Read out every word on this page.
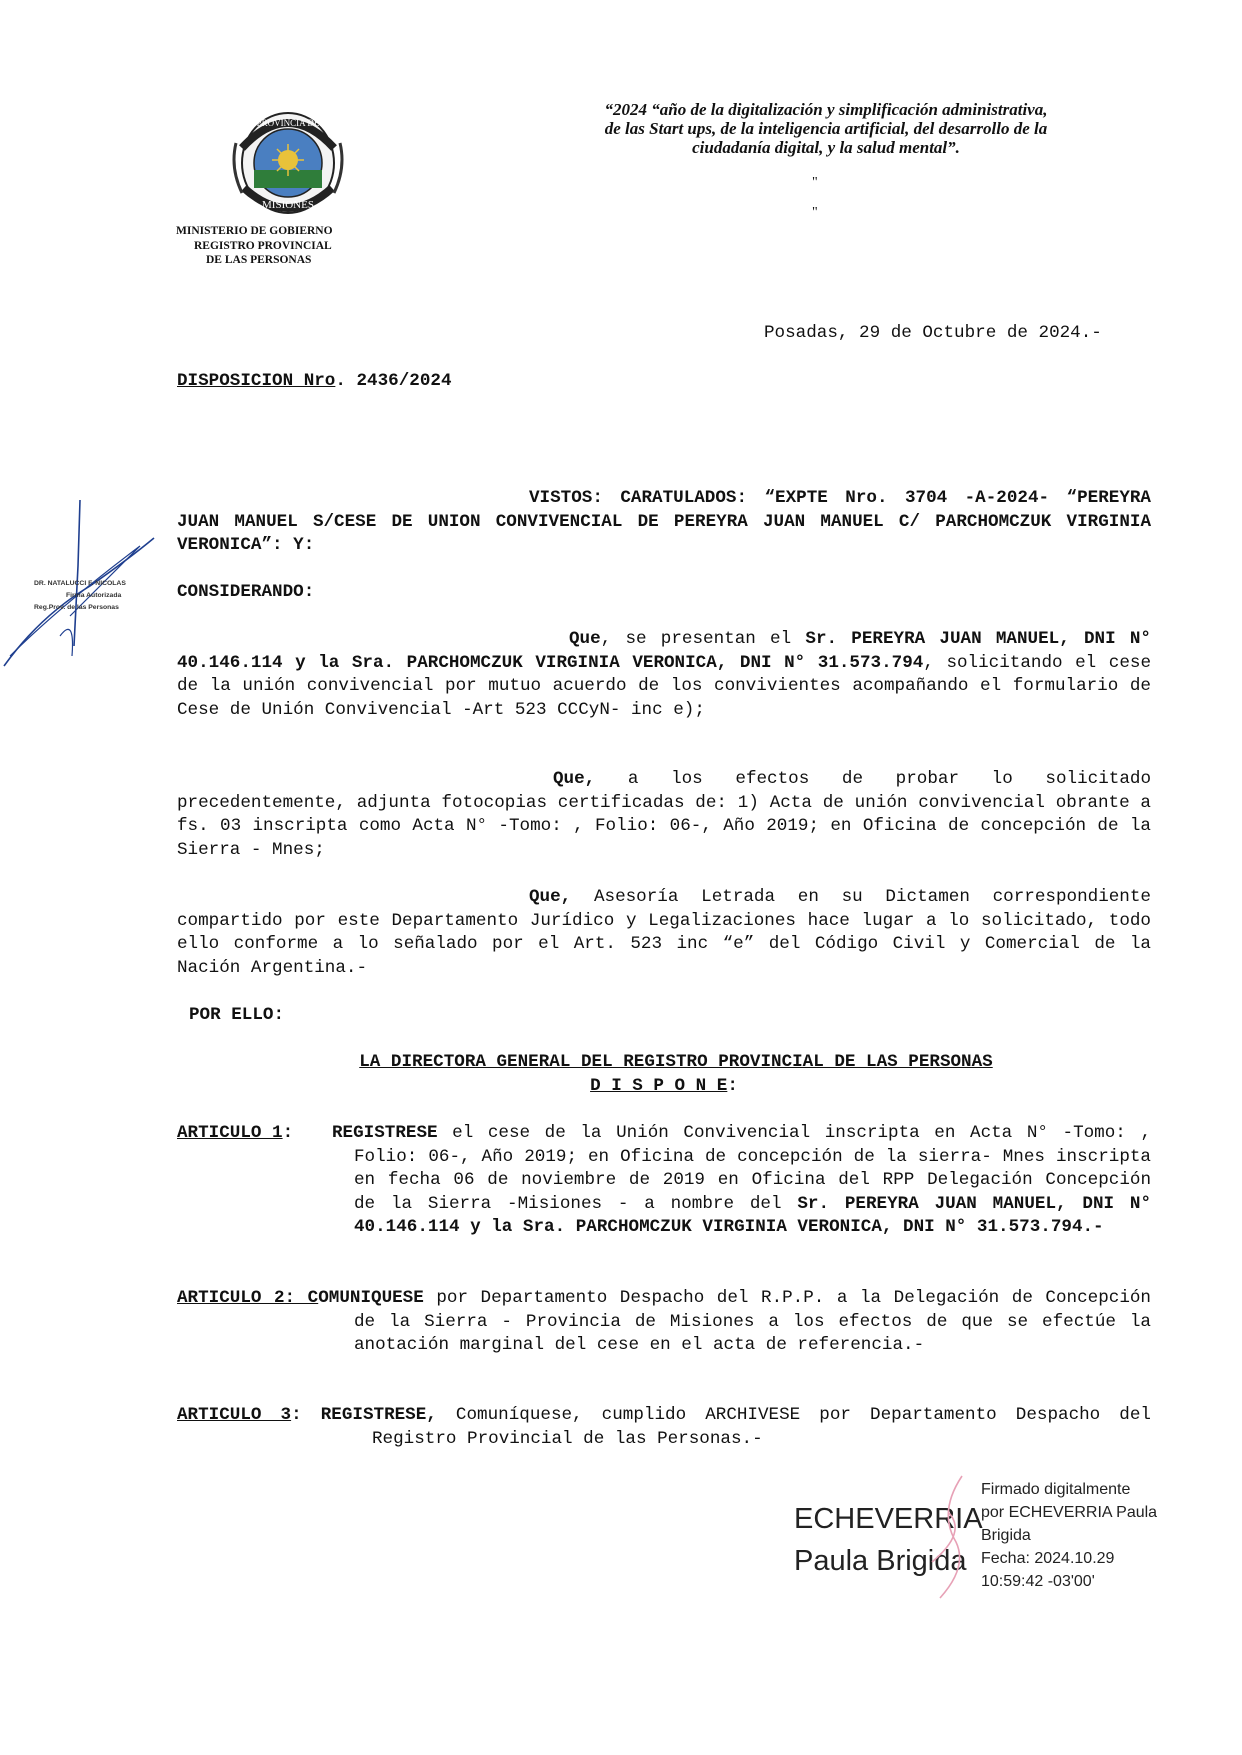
PROVINCIA DE
MISIONES
MINISTERIO DE GOBIERNO
REGISTRO PROVINCIAL
DE LAS PERSONAS
“2024 “año de la digitalización y simplificación administrativa,
de las Start ups, de la inteligencia artificial, del desarrollo de la
ciudadanía digital, y la salud mental”.
"
"
Posadas, 29 de Octubre de 2024.-
DISPOSICION Nro. 2436/2024
VISTOS: CARATULADOS: “EXPTE Nro. 3704 -A-2024- “PEREYRA JUAN MANUEL S/CESE DE UNION CONVIVENCIAL DE PEREYRA JUAN MANUEL C/ PARCHOMCZUK VIRGINIA VERONICA”: Y:
CONSIDERANDO:
Que, se presentan el Sr. PEREYRA JUAN MANUEL, DNI N° 40.146.114 y la Sra. PARCHOMCZUK VIRGINIA VERONICA, DNI N° 31.573.794, solicitando el cese de la unión convivencial por mutuo acuerdo de los convivientes acompañando el formulario de Cese de Unión Convivencial -Art 523 CCCyN- inc e);
Que, a los efectos de probar lo solicitado precedentemente, adjunta fotocopias certificadas de: 1) Acta de unión convivencial obrante a fs. 03 inscripta como Acta N° -Tomo: , Folio: 06-, Año 2019; en Oficina de concepción de la Sierra - Mnes;
Que, Asesoría Letrada en su Dictamen correspondiente compartido por este Departamento Jurídico y Legalizaciones hace lugar a lo solicitado, todo ello conforme a lo señalado por el Art. 523 inc “e” del Código Civil y Comercial de la Nación Argentina.-
POR ELLO:
LA DIRECTORA GENERAL DEL REGISTRO PROVINCIAL DE LAS PERSONAS
D I S P O N E:
ARTICULO 1:	REGISTRESE el cese de la Unión Convivencial inscripta en Acta N° -Tomo: , Folio: 06-, Año 2019; en Oficina de concepción de la sierra- Mnes inscripta en fecha 06 de noviembre de 2019 en Oficina del RPP Delegación Concepción de la Sierra -Misiones - a nombre del Sr. PEREYRA JUAN MANUEL, DNI N° 40.146.114 y la Sra. PARCHOMCZUK VIRGINIA VERONICA, DNI N° 31.573.794.-
ARTICULO 2: COMUNIQUESE por Departamento Despacho del R.P.P. a la Delegación de Concepción de la Sierra - Provincia de Misiones a los efectos de que se efectúe la anotación marginal del cese en el acta de referencia.-
ARTICULO 3: REGISTRESE, Comuníquese, cumplido ARCHIVESE por Departamento Despacho del Registro Provincial de las Personas.-
DR. NATALUCCI F. NICOLAS
Firma Autorizada
Reg.Prov. de las Personas
ECHEVERRIA
Paula Brigida
Firmado digitalmente
por ECHEVERRIA Paula
Brigida
Fecha: 2024.10.29
10:59:42 -03'00'
